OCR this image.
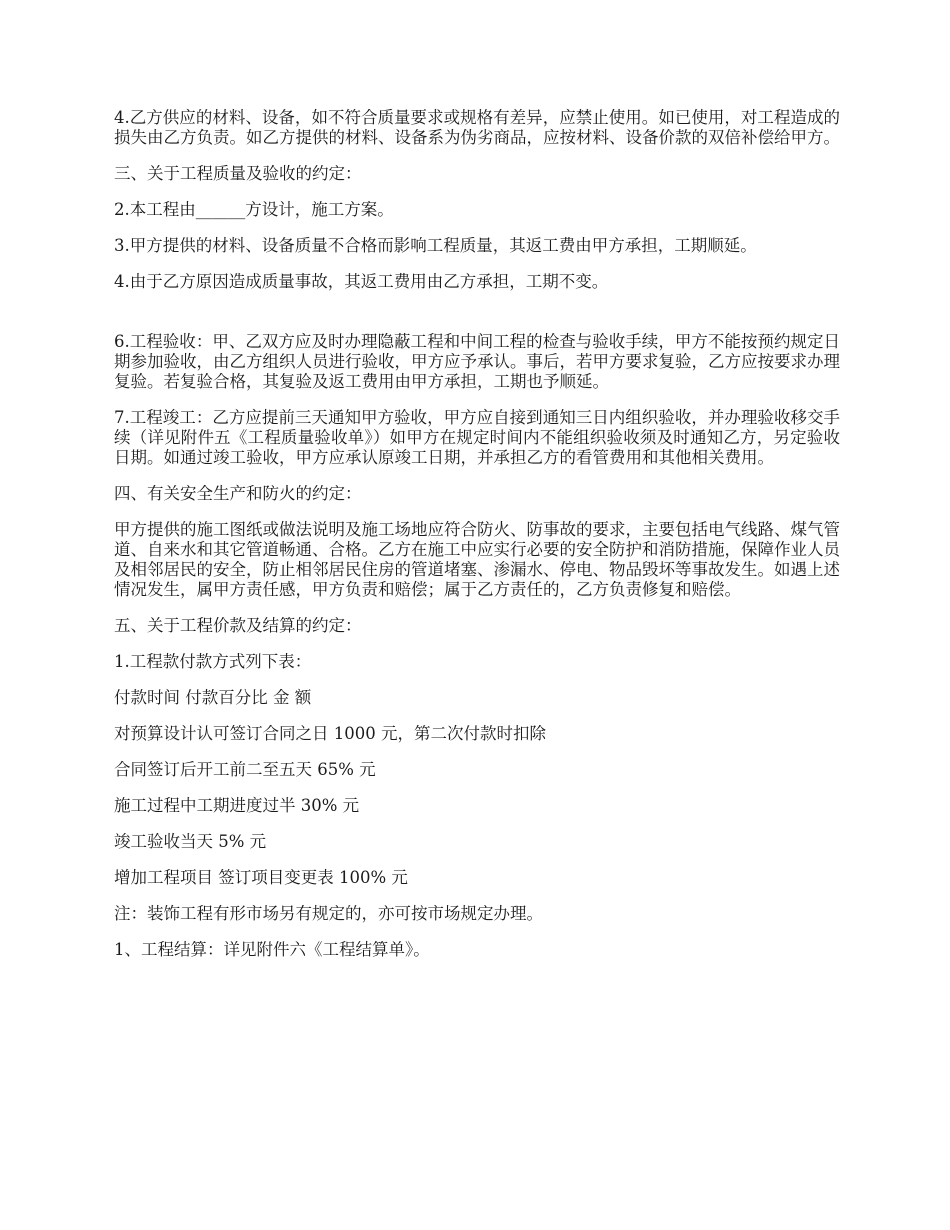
4.乙方供应的材料、设备，如不符合质量要求或规格有差异，应禁止使用。如已使用，对工程造成的损失由乙方负责。如乙方提供的材料、设备系为伪劣商品，应按材料、设备价款的双倍补偿给甲方。

三、关于工程质量及验收的约定：

2.本工程由______方设计，施工方案。

3.甲方提供的材料、设备质量不合格而影响工程质量，其返工费由甲方承担，工期顺延。

4.由于乙方原因造成质量事故，其返工费用由乙方承担，工期不变。

6.工程验收：甲、乙双方应及时办理隐蔽工程和中间工程的检查与验收手续，甲方不能按预约规定日期参加验收，由乙方组织人员进行验收，甲方应予承认。事后，若甲方要求复验，乙方应按要求办理复验。若复验合格，其复验及返工费用由甲方承担，工期也予顺延。

7.工程竣工：乙方应提前三天通知甲方验收，甲方应自接到通知三日内组织验收，并办理验收移交手续（详见附件五《工程质量验收单》）如甲方在规定时间内不能组织验收须及时通知乙方，另定验收日期。如通过竣工验收，甲方应承认原竣工日期，并承担乙方的看管费用和其他相关费用。

四、有关安全生产和防火的约定：

甲方提供的施工图纸或做法说明及施工场地应符合防火、防事故的要求，主要包括电气线路、煤气管道、自来水和其它管道畅通、合格。乙方在施工中应实行必要的安全防护和消防措施，保障作业人员及相邻居民的安全，防止相邻居民住房的管道堵塞、渗漏水、停电、物品毁坏等事故发生。如遇上述情况发生，属甲方责任感，甲方负责和赔偿；属于乙方责任的，乙方负责修复和赔偿。

五、关于工程价款及结算的约定：

1.工程款付款方式列下表：

付款时间 付款百分比 金 额

对预算设计认可签订合同之日 1000 元，第二次付款时扣除

合同签订后开工前二至五天 65% 元

施工过程中工期进度过半 30% 元

竣工验收当天 5% 元

增加工程项目 签订项目变更表 100% 元

注：装饰工程有形市场另有规定的，亦可按市场规定办理。

1、工程结算：详见附件六《工程结算单》。
